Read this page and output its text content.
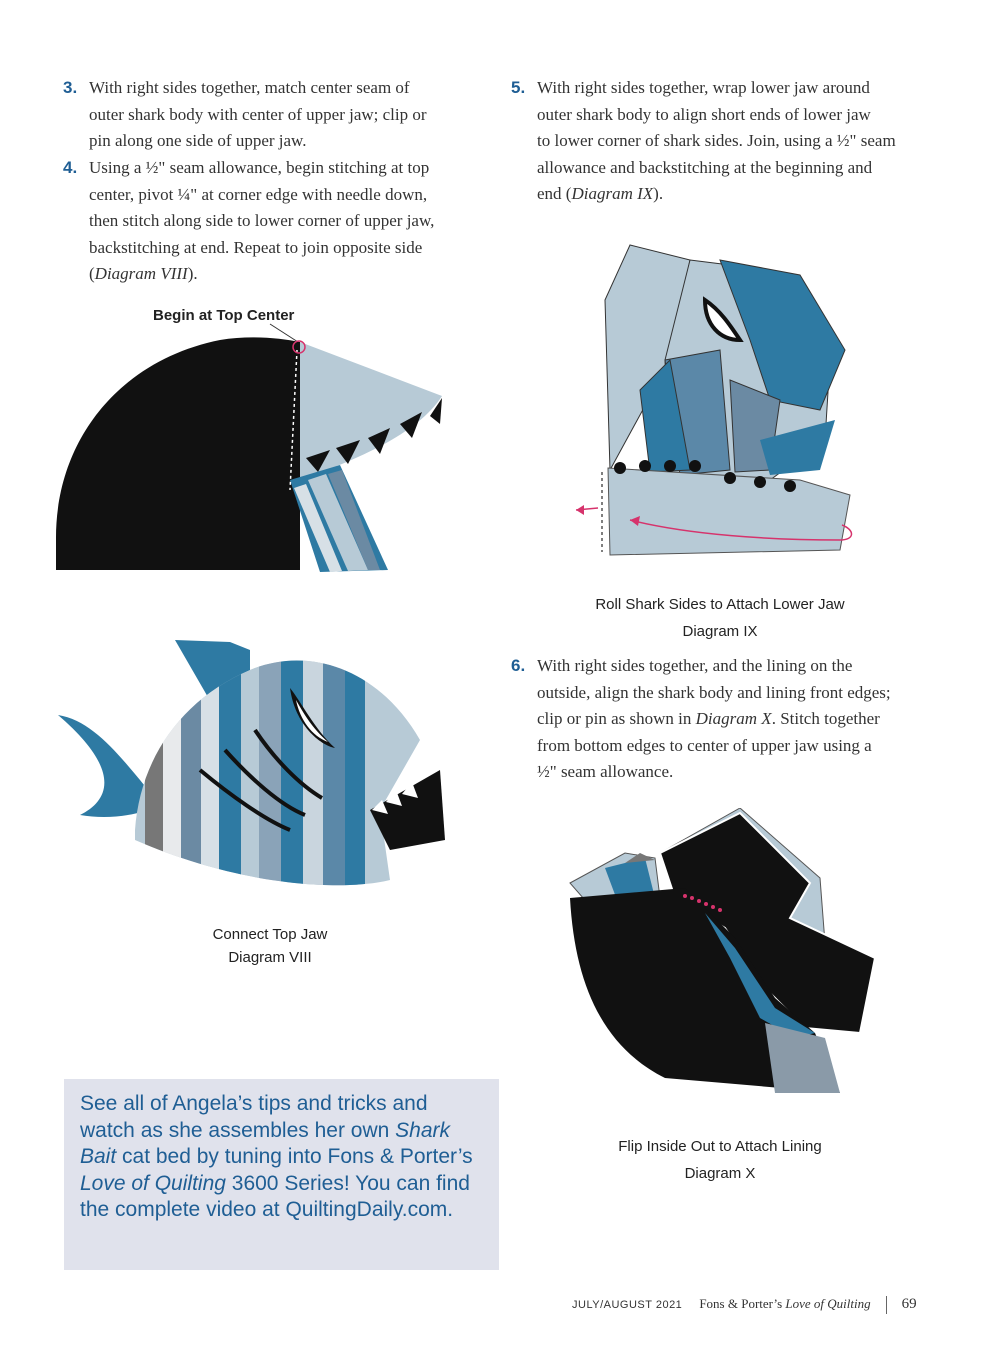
3. With right sides together, match center seam of
outer shark body with center of upper jaw; clip or
pin along one side of upper jaw.
4. Using a ½" seam allowance, begin stitching at top
center, pivot ¼" at corner edge with needle down,
then stitch along side to lower corner of upper jaw,
backstitching at end. Repeat to join opposite side
(Diagram VIII).
5. With right sides together, wrap lower jaw around
outer shark body to align short ends of lower jaw
to lower corner of shark sides. Join, using a ½" seam
allowance and backstitching at the beginning and
end (Diagram IX).
6. With right sides together, and the lining on the
outside, align the shark body and lining front edges;
clip or pin as shown in Diagram X. Stitch together
from bottom edges to center of upper jaw using a
½" seam allowance.
Begin at Top Center
Connect Top Jaw
Diagram VIII
Roll Shark Sides to Attach Lower Jaw
Diagram IX
Flip Inside Out to Attach Lining
Diagram X

See all of Angela’s tips and tricks and watch as she assembles her own Shark Bait cat bed by tuning into Fons & Porter’s Love of Quilting 3600 Series! You can find the complete video at QuiltingDaily.com.

JULY/AUGUST 2021 Fons & Porter’s Love of Quilting 69
